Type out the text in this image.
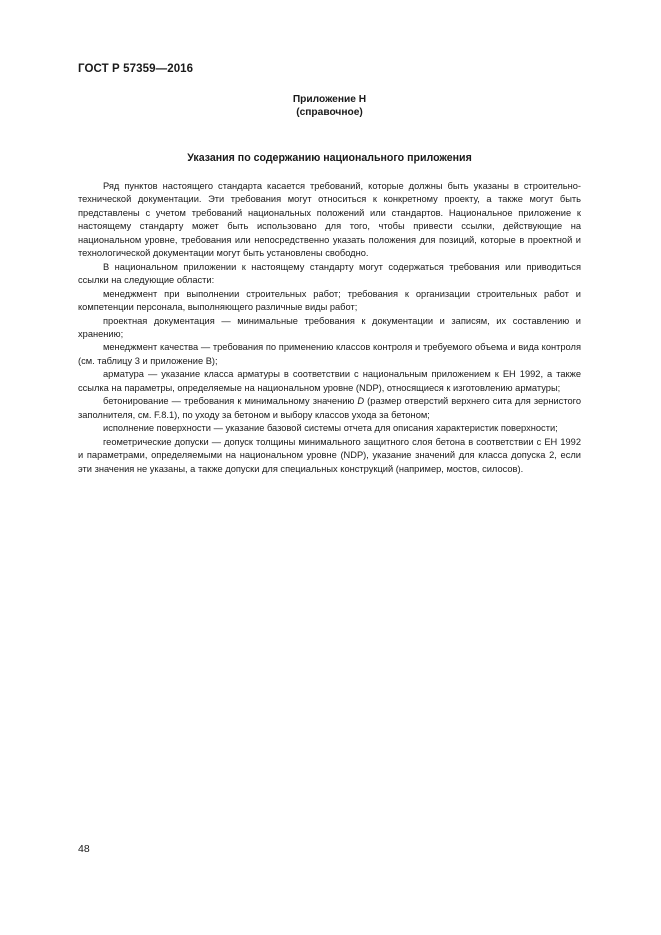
ГОСТ Р 57359—2016
Приложение Н
(справочное)
Указания по содержанию национального приложения

Ряд пунктов настоящего стандарта касается требований, которые должны быть указаны в строительно-технической документации. Эти требования могут относиться к конкретному проекту, а также могут быть представлены с учетом требований национальных положений или стандартов. Национальное приложение к настоящему стандарту может быть использовано для того, чтобы привести ссылки, действующие на национальном уровне, требования или непосредственно указать положения для позиций, которые в проектной и технологической документации могут быть установлены свободно.

В национальном приложении к настоящему стандарту могут содержаться требования или приводиться ссылки на следующие области:

менеджмент при выполнении строительных работ; требования к организации строительных работ и компетенции персонала, выполняющего различные виды работ;

проектная документация — минимальные требования к документации и записям, их составлению и хранению;

менеджмент качества — требования по применению классов контроля и требуемого объема и вида контроля (см. таблицу 3 и приложение В);

арматура — указание класса арматуры в соответствии с национальным приложением к ЕН 1992, а также ссылка на параметры, определяемые на национальном уровне (NDP), относящиеся к изготовлению арматуры;

бетонирование — требования к минимальному значению D (размер отверстий верхнего сита для зернистого заполнителя, см. F.8.1), по уходу за бетоном и выбору классов ухода за бетоном;

исполнение поверхности — указание базовой системы отчета для описания характеристик поверхности;

геометрические допуски — допуск толщины минимального защитного слоя бетона в соответствии с ЕН 1992 и параметрами, определяемыми на национальном уровне (NDP), указание значений для класса допуска 2, если эти значения не указаны, а также допуски для специальных конструкций (например, мостов, силосов).

48
